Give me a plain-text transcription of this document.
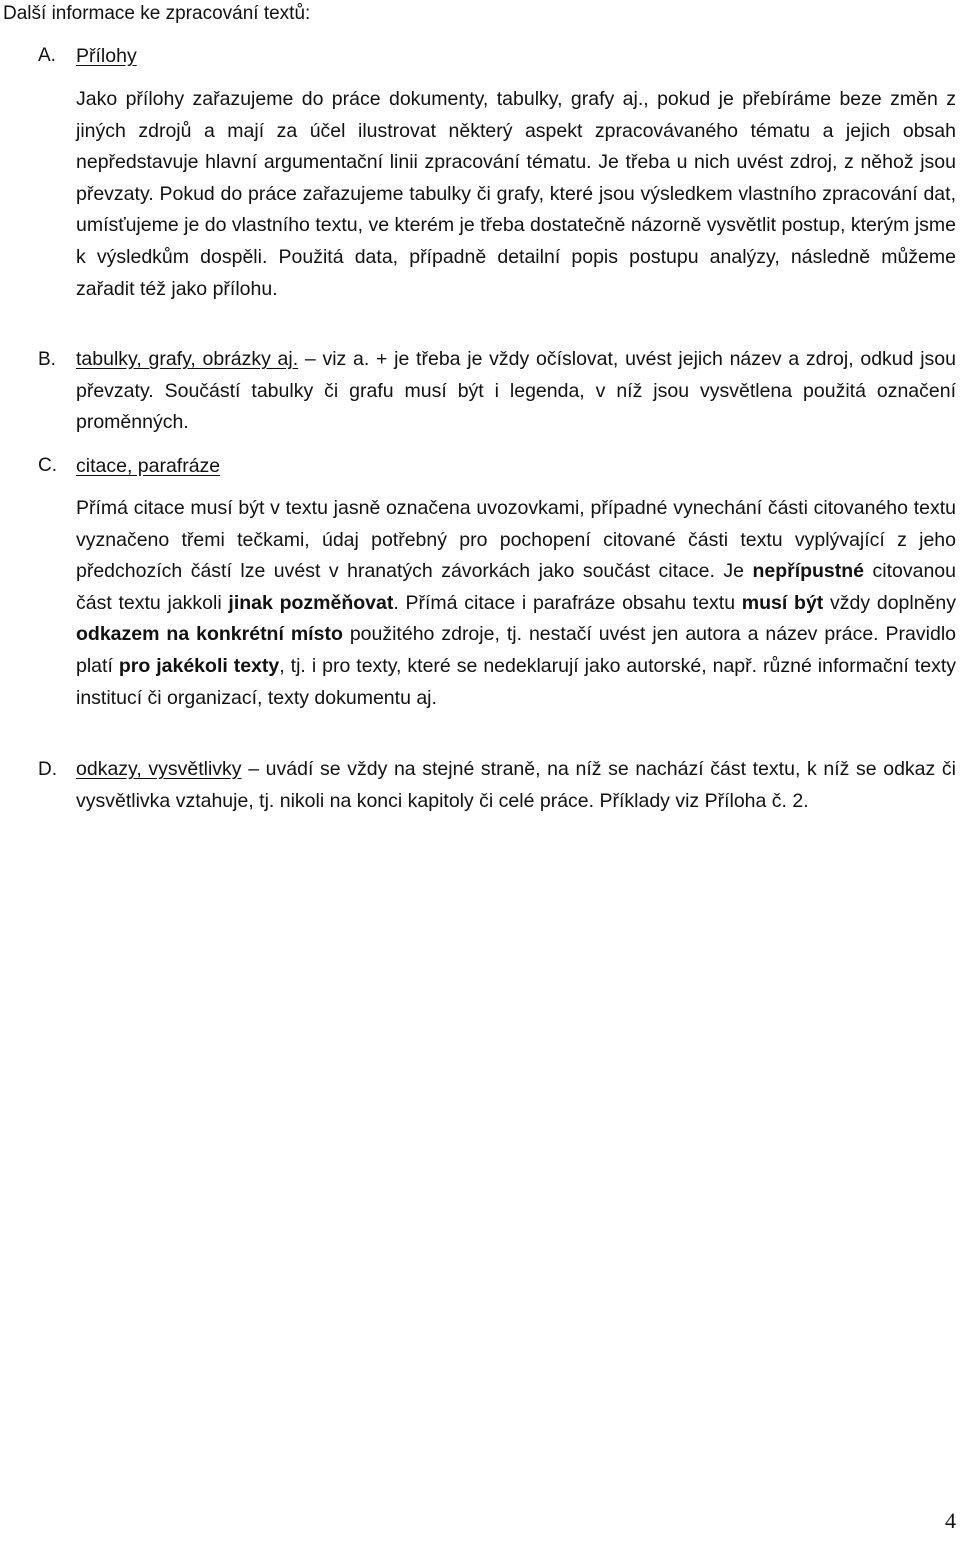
Další informace ke zpracování textů:
A. Přílohy

Jako přílohy zařazujeme do práce dokumenty, tabulky, grafy aj., pokud je přebíráme beze změn z jiných zdrojů a mají za účel ilustrovat některý aspekt zpracovávaného tématu a jejich obsah nepředstavuje hlavní argumentační linii zpracování tématu. Je třeba u nich uvést zdroj, z něhož jsou převzaty. Pokud do práce zařazujeme tabulky či grafy, které jsou výsledkem vlastního zpracování dat, umísťujeme je do vlastního textu, ve kterém je třeba dostatečně názorně vysvětlit postup, kterým jsme k výsledkům dospěli. Použitá data, případně detailní popis postupu analýzy, následně můžeme zařadit též jako přílohu.

B. tabulky, grafy, obrázky aj. – viz a. + je třeba je vždy očíslovat, uvést jejich název a zdroj, odkud jsou převzaty. Součástí tabulky či grafu musí být i legenda, v níž jsou vysvětlena použitá označení proměnných.

C. citace, parafráze

Přímá citace musí být v textu jasně označena uvozovkami, případné vynechání části citovaného textu vyznačeno třemi tečkami, údaj potřebný pro pochopení citované části textu vyplývající z jeho předchozích částí lze uvést v hranatých závorkách jako součást citace. Je nepřípustné citovanou část textu jakkoli jinak pozměňovat. Přímá citace i parafráze obsahu textu musí být vždy doplněny odkazem na konkrétní místo použitého zdroje, tj. nestačí uvést jen autora a název práce. Pravidlo platí pro jakékoli texty, tj. i pro texty, které se nedeklarují jako autorské, např. různé informační texty institucí či organizací, texty dokumentu aj.

D. odkazy, vysvětlivky – uvádí se vždy na stejné straně, na níž se nachází část textu, k níž se odkaz či vysvětlivka vztahuje, tj. nikoli na konci kapitoly či celé práce. Příklady viz Příloha č. 2.

4
